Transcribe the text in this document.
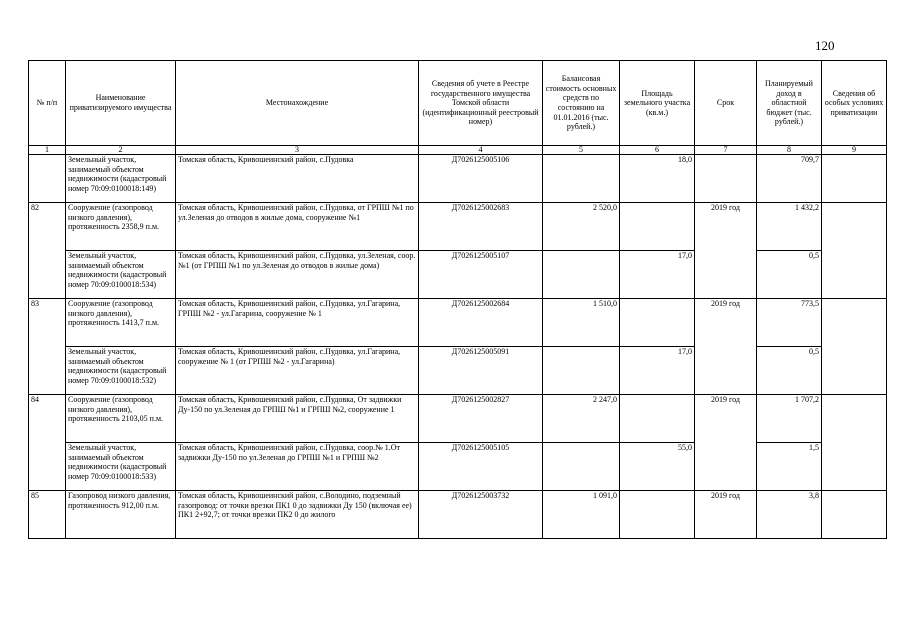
120
№ п/п	Наименование приватизируемого имущества	Местонахождение	Сведения об учете в Реестре государственного имущества Томской области (идентификационный реестровый номер)	Балансовая стоимость основных средств по состоянию на 01.01.2016 (тыс. рублей.)	Площадь земельного участка (кв.м.)	Срок	Планируемый доход в областной бюджет (тыс. рублей.)	Сведения об особых условиях приватизации
1	2	3	4	5	6	7	8	9
	Земельный участок, занимаемый объектом недвижимости (кадастровый номер 70:09:0100018:149)	Томская область, Кривошеинский район, с.Пудовка	Д7026125005106		18,0		709,7	
82	Сооружение (газопровод низкого давления), протяженность 2358,9 п.м.	Томская область, Кривошеинский район, с.Пудовка, от ГРПШ №1 по ул.Зеленая до отводов в жилые дома, сооружение №1	Д7026125002683	2 520,0		2019 год	1 432,2	
	Земельный участок, занимаемый объектом недвижимости (кадастровый номер 70:09:0100018:534)	Томская область, Кривошеинский район, с.Пудовка, ул.Зеленая, соор.№1 (от ГРПШ №1 по ул.Зеленая до отводов в жилые дома)	Д7026125005107		17,0		0,5	
83	Сооружение (газопровод низкого давления), протяженность 1413,7 п.м.	Томская область, Кривошеинский район, с.Пудовка, ул.Гагарина, ГРПШ №2 - ул.Гагарина, сооружение № 1	Д7026125002684	1 510,0		2019 год	773,5	
	Земельный участок, занимаемый объектом недвижимости (кадастровый номер 70:09:0100018:532)	Томская область, Кривошеинский район, с.Пудовка, ул.Гагарина, сооружение № 1 (от ГРПШ №2 - ул.Гагарина)	Д7026125005091		17,0		0,5	
84	Сооружение (газопровод низкого давления), протяженность 2103,05 п.м.	Томская область, Кривошеинский район, с.Пудовка, От задвижки Ду-150 по ул.Зеленая до ГРПШ №1 и ГРПШ №2, сооружение 1	Д7026125002827	2 247,0		2019 год	1 707,2	
	Земельный участок, занимаемый объектом недвижимости (кадастровый номер 70:09:0100018:533)	Томская область, Кривошеинский район, с.Пудовка, соор.№ 1.От задвижки Ду-150 по ул.Зеленая до ГРПШ №1 и ГРПШ №2	Д7026125005105		55,0		1,5	
85	Газопровод низкого давления, протяженность 912,00 п.м.	Томская область, Кривошеинский район, с.Володино, подземный газопровод: от точки врезки ПК1 0 до задвижки Ду 150 (включая ее) ПК1 2+92,7; от точки врезки ПК2 0 до жилого	Д7026125003732	1 091,0		2019 год	3,8	
